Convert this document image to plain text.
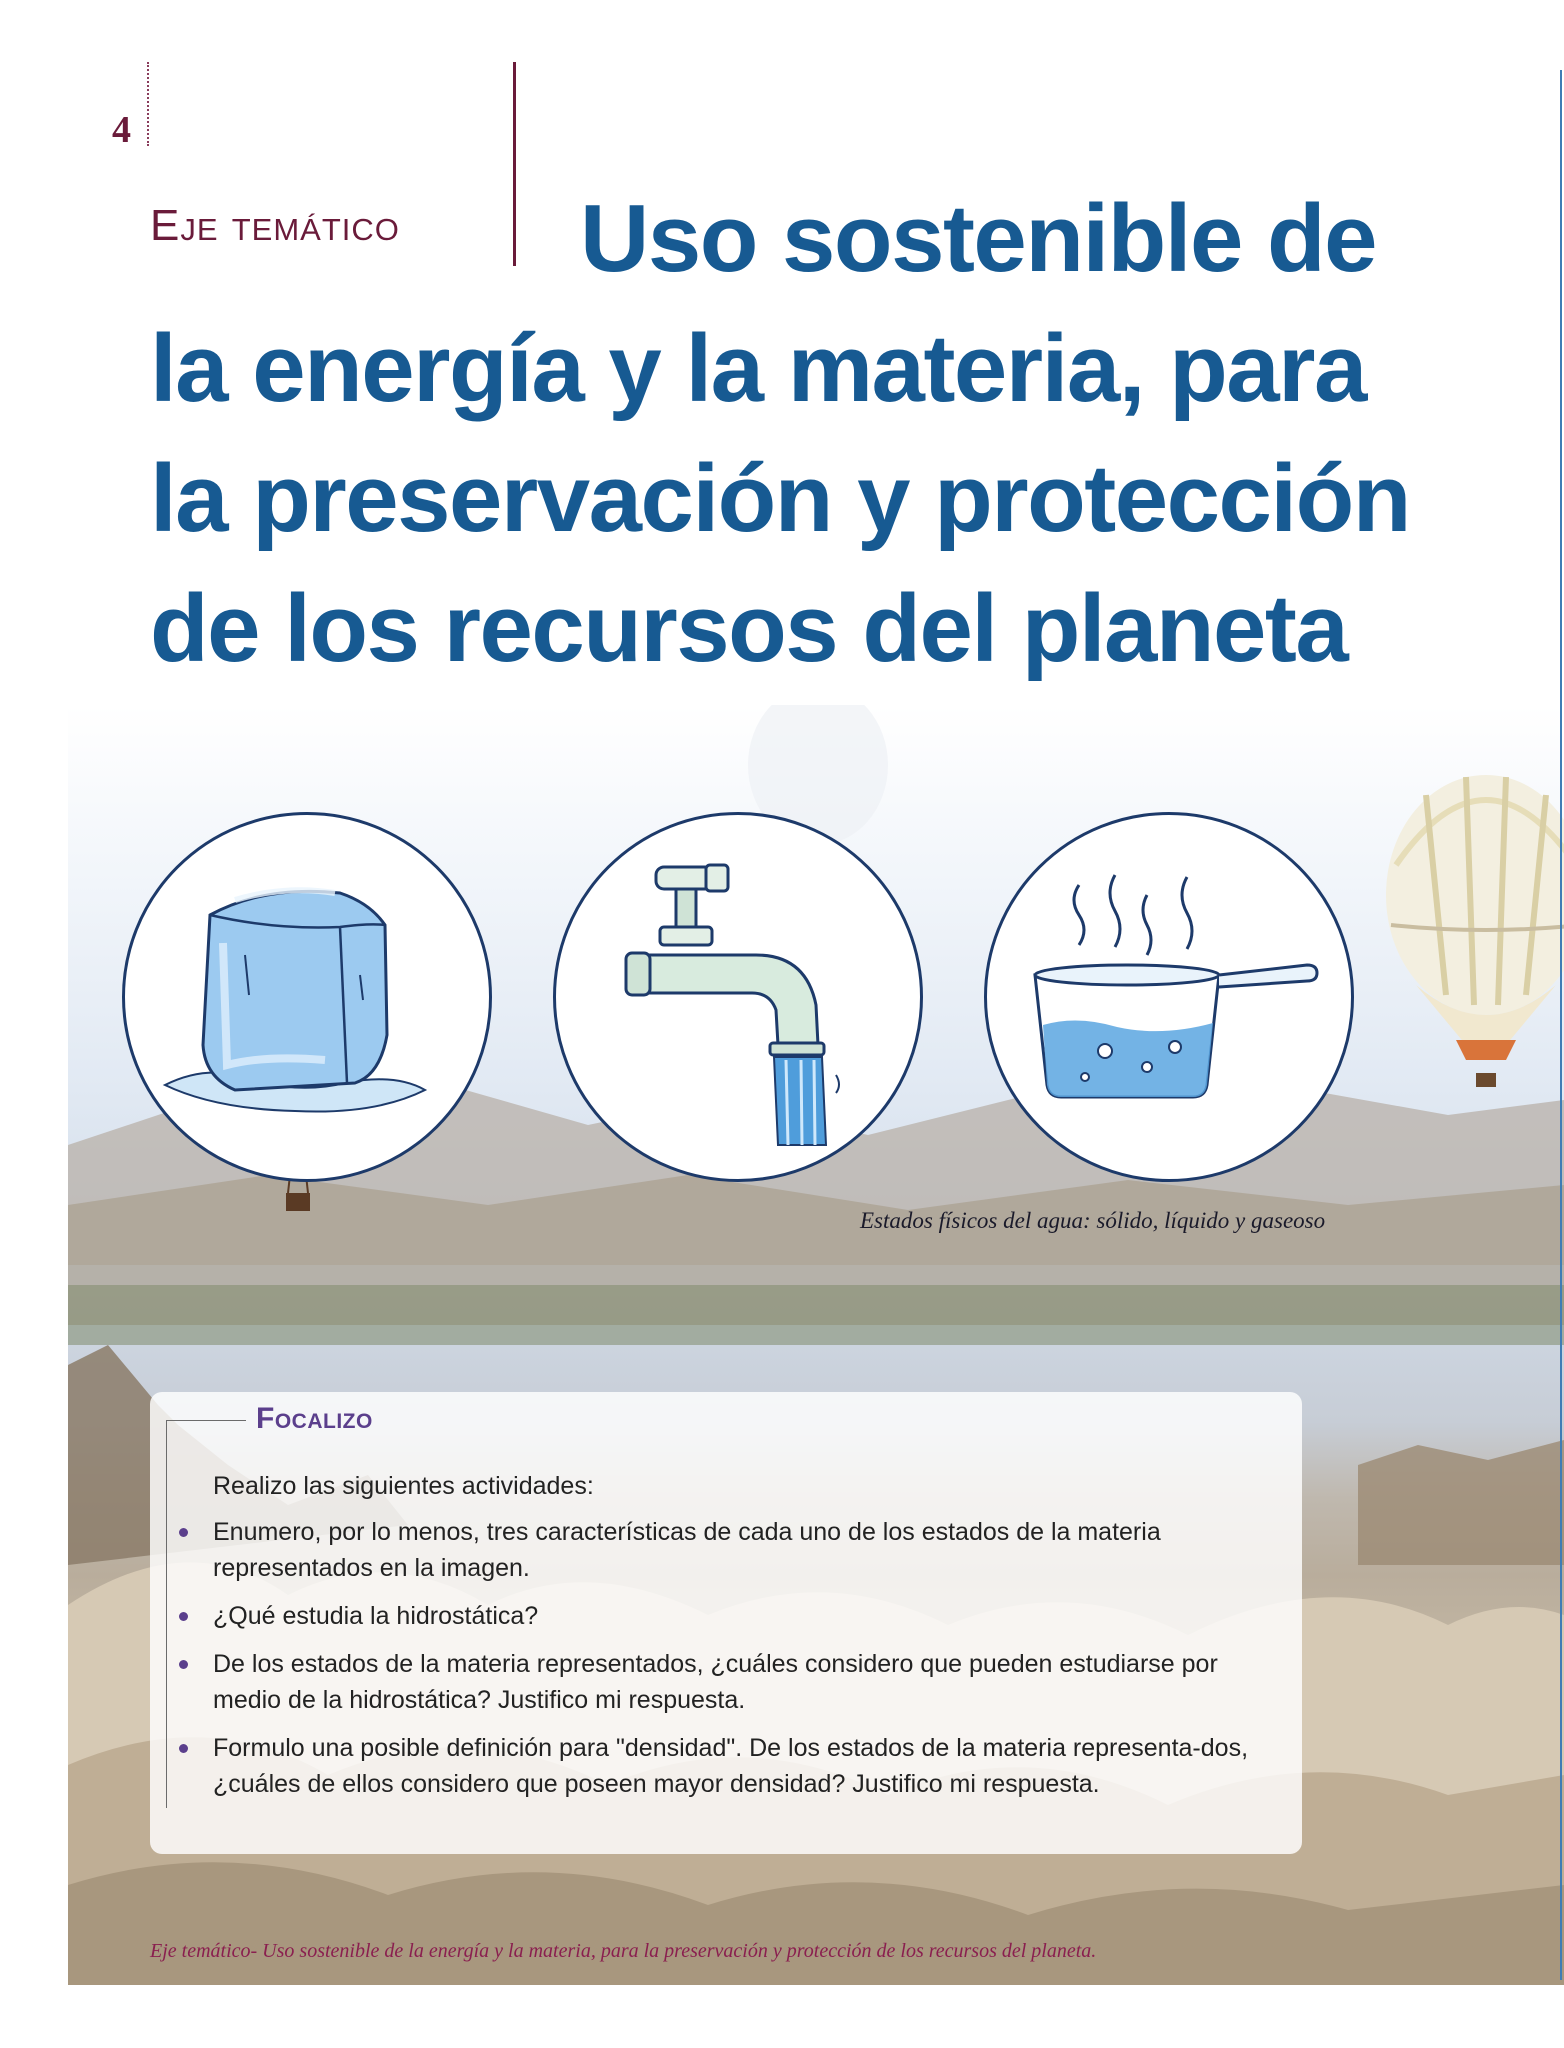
4
Eje temático	Uso sostenible de la energía y la materia, para la preservación y protección de los recursos del planeta
Estados físicos del agua: sólido, líquido y gaseoso
Focalizo
Realizo las siguientes actividades:
Enumero, por lo menos, tres características de cada uno de los estados de la materia representados en la imagen.
¿Qué estudia la hidrostática?
De los estados de la materia representados, ¿cuáles considero que pueden estudiarse por medio de la hidrostática? Justifico mi respuesta.
Formulo una posible definición para "densidad". De los estados de la materia representa-dos, ¿cuáles de ellos considero que poseen mayor densidad? Justifico mi respuesta.
Eje temático- Uso sostenible de la energía y la materia, para la preservación y protección de los recursos del planeta.
